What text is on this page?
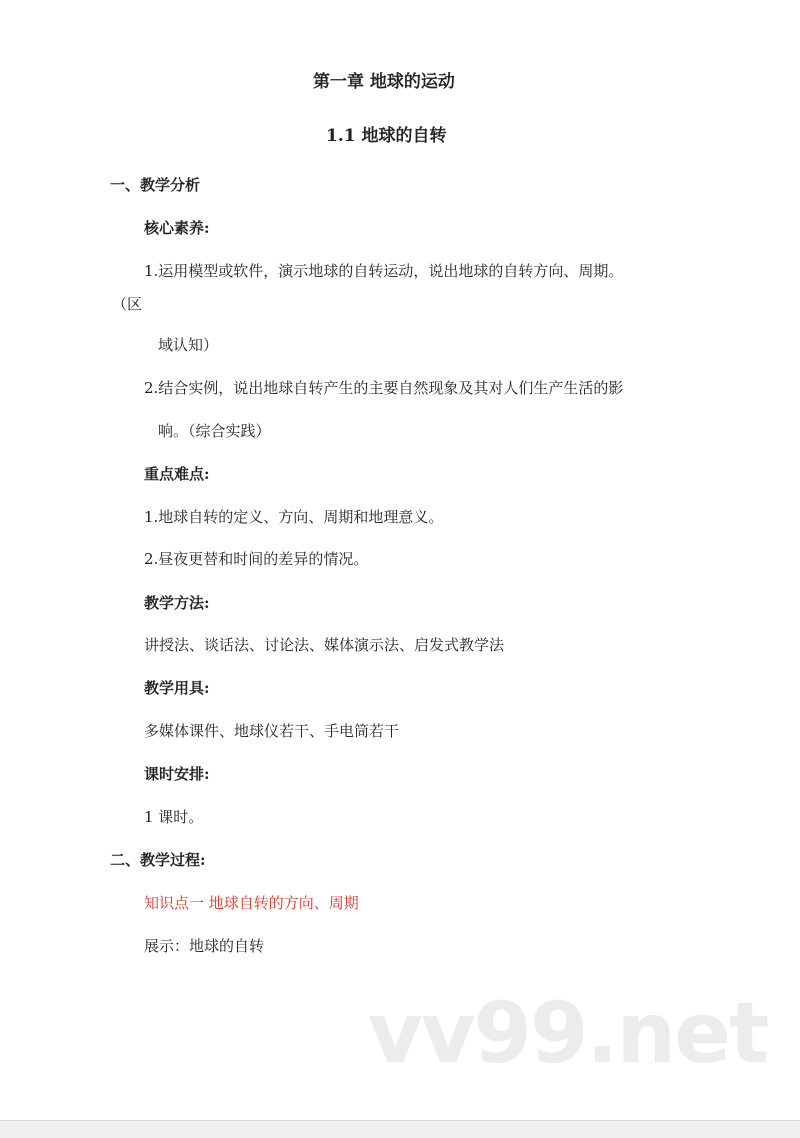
第一章 地球的运动
1.1 地球的自转
一、教学分析
核心素养:
1.运用模型或软件，演示地球的自转运动，说出地球的自转方向、周期。
（区
域认知）
2.结合实例，说出地球自转产生的主要自然现象及其对人们生产生活的影
响。（综合实践）
重点难点:
1.地球自转的定义、方向、周期和地理意义。
2.昼夜更替和时间的差异的情况。
教学方法:
讲授法、谈话法、讨论法、媒体演示法、启发式教学法
教学用具:
多媒体课件、地球仪若干、手电筒若干
课时安排:
1 课时。
二、教学过程:
知识点一 地球自转的方向、周期
展示：地球的自转
vv99.net
